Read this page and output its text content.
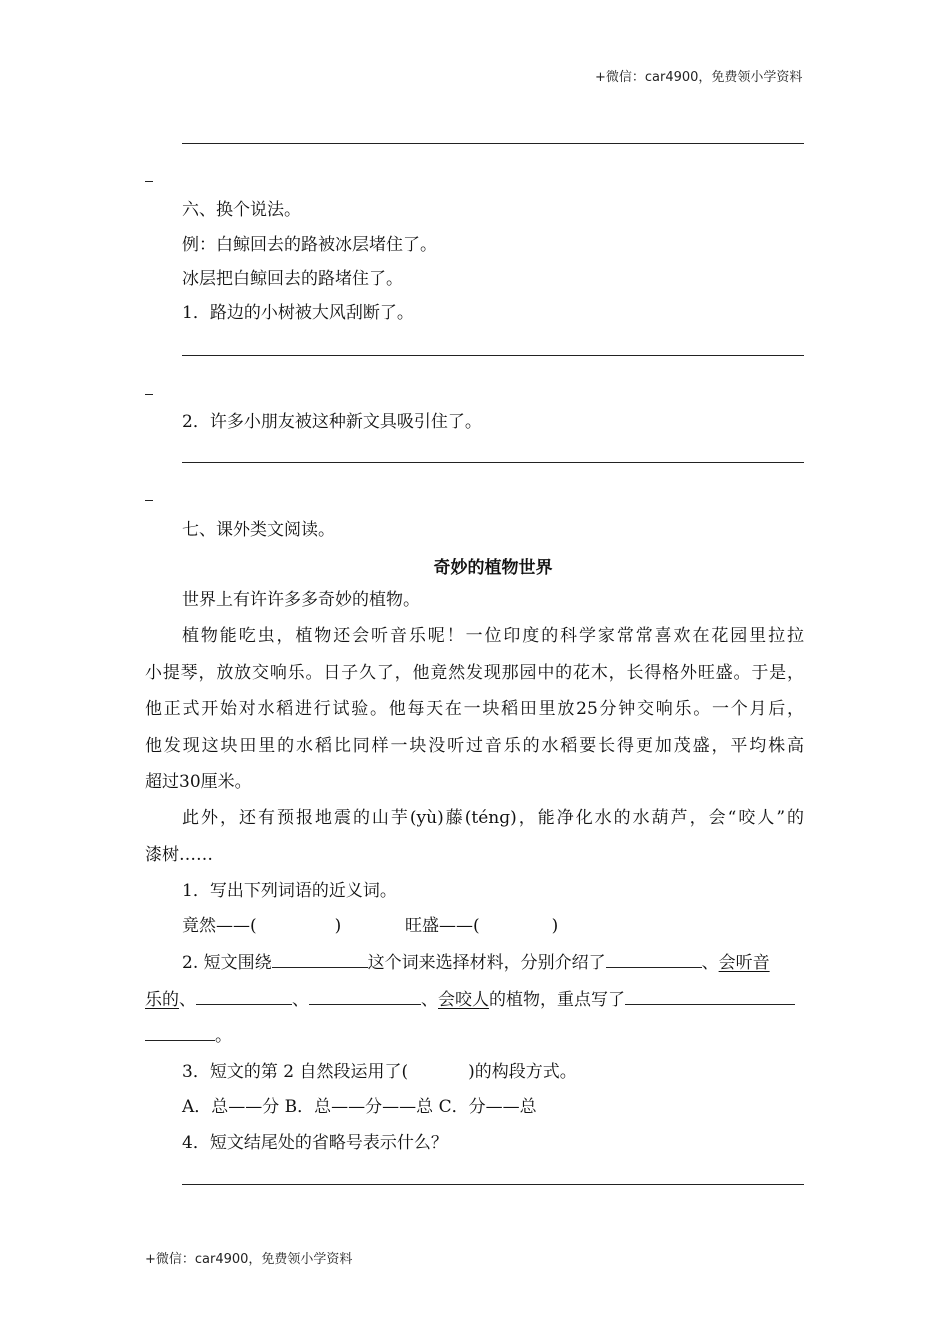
+微信：car4900，免费领小学资料
六、换个说法。
例：白鲸回去的路被冰层堵住了。
冰层把白鲸回去的路堵住了。
1．路边的小树被大风刮断了。
2．许多小朋友被这种新文具吸引住了。
七、课外类文阅读。
奇妙的植物世界
世界上有许许多多奇妙的植物。
植物能吃虫，植物还会听音乐呢！一位印度的科学家常常喜欢在花园里拉拉
小提琴，放放交响乐。日子久了，他竟然发现那园中的花木，长得格外旺盛。于是，
他正式开始对水稻进行试验。他每天在一块稻田里放25分钟交响乐。一个月后，
他发现这块田里的水稻比同样一块没听过音乐的水稻要长得更加茂盛，平均株高
超过30厘米。
此外，还有预报地震的山芋(yù)藤(ténɡ)，能净化水的水葫芦，会“咬人”的
漆树……
1．写出下列词语的近义词。
竟然——(	)	旺盛——(	)
2. 短文围绕	这个词来选择材料，分别介绍了	、会听音
乐的、	、	、会咬人的植物，重点写了
。
3．短文的第 2 自然段运用了(	)的构段方式。
A．总——分 B．总——分——总 C．分——总
4．短文结尾处的省略号表示什么？
+微信：car4900，免费领小学资料
